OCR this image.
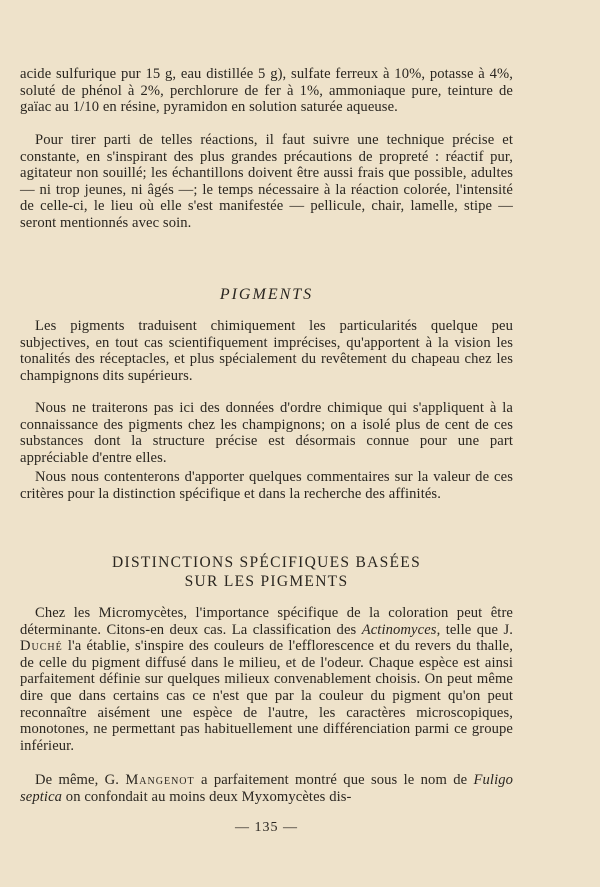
acide sulfurique pur 15 g, eau distillée 5 g), sulfate ferreux à 10%, potasse à 4%, soluté de phénol à 2%, perchlorure de fer à 1%, ammoniaque pure, teinture de gaïac au 1/10 en résine, pyramidon en solution saturée aqueuse.

Pour tirer parti de telles réactions, il faut suivre une technique précise et constante, en s'inspirant des plus grandes précautions de propreté : réactif pur, agitateur non souillé; les échantillons doivent être aussi frais que possible, adultes — ni trop jeunes, ni âgés —; le temps nécessaire à la réaction colorée, l'intensité de celle-ci, le lieu où elle s'est manifestée — pellicule, chair, lamelle, stipe — seront mentionnés avec soin.

PIGMENTS

Les pigments traduisent chimiquement les particularités quelque peu subjectives, en tout cas scientifiquement imprécises, qu'apportent à la vision les tonalités des réceptacles, et plus spécialement du revêtement du chapeau chez les champignons dits supérieurs.

Nous ne traiterons pas ici des données d'ordre chimique qui s'appliquent à la connaissance des pigments chez les champignons; on a isolé plus de cent de ces substances dont la structure précise est désormais connue pour une part appréciable d'entre elles.

Nous nous contenterons d'apporter quelques commentaires sur la valeur de ces critères pour la distinction spécifique et dans la recherche des affinités.

DISTINCTIONS SPÉCIFIQUES BASÉES
SUR LES PIGMENTS

Chez les Micromycètes, l'importance spécifique de la coloration peut être déterminante. Citons-en deux cas. La classification des Actinomyces, telle que J. Duché l'a établie, s'inspire des couleurs de l'efflorescence et du revers du thalle, de celle du pigment diffusé dans le milieu, et de l'odeur. Chaque espèce est ainsi parfaitement définie sur quelques milieux convenablement choisis. On peut même dire que dans certains cas ce n'est que par la couleur du pigment qu'on peut reconnaître aisément une espèce de l'autre, les caractères microscopiques, monotones, ne permettant pas habituellement une différenciation parmi ce groupe inférieur.

De même, G. Mangenot a parfaitement montré que sous le nom de Fuligo septica on confondait au moins deux Myxomycètes dis-

— 135 —
